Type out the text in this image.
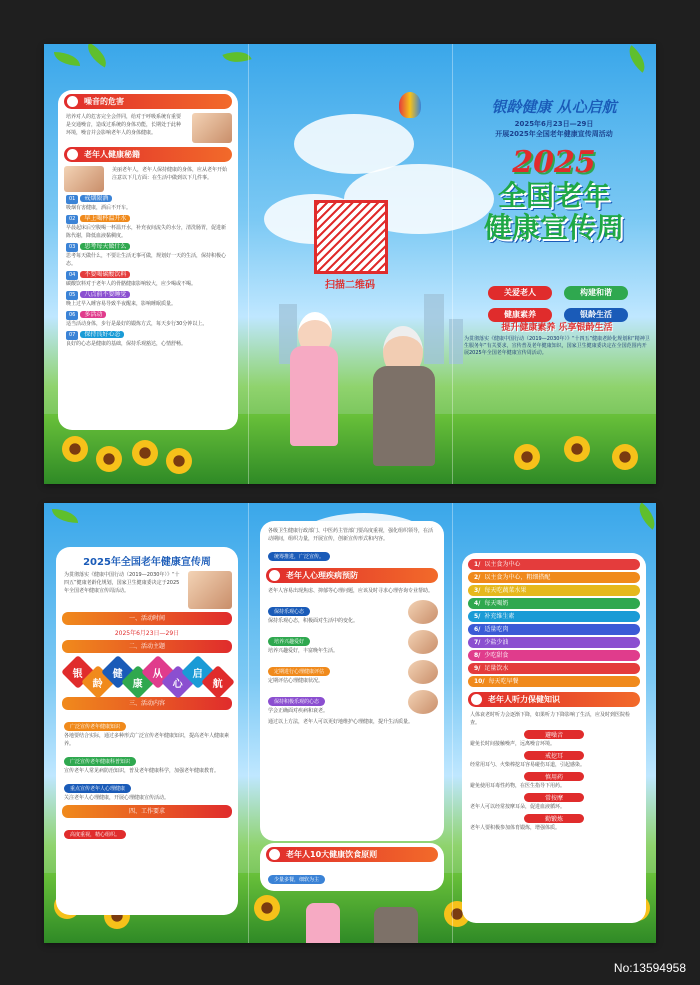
噪音的危害
培养对人的危害完全会伴同，给对于呼吸系统有重要是交通噪音，造成过系统的身体功能，长期处于此种环境，噪音并会影响老年人的身体健康。
老年人健康秘籍
美丽老年人，老年人保持健康的身体，应从老年开始注意以下几方面：在生活中做到以下几件事。
01 戒烟限酒
吸烟有害健康，酒后不开车。
02 早上喝杯温开水
早晨起床后空腹喝一杯温开水，补充夜间流失的水分，清洗肠胃，促进新陈代谢，降低血液黏稠度。
03 思考每天做什么
思考每天做什么，不要让生活无事可做，规划好一天的生活，保持积极心态。
04 不要喝碳酸饮料
碳酸饮料对于老年人的骨骼健康影响较大，应少喝或不喝。
05 八点前不要睡觉
晚上过早入睡容易导致半夜醒来，影响睡眠质量。
06 多活动
适当活动身体，步行是最好的锻炼方式，每天步行30分钟以上。
07 保持良好心态
良好的心态是健康的基础，保持乐观豁达，心情舒畅。
扫描二维码
银龄健康 从心启航
2025年6月23日—29日
开展2025年全国老年健康宣传周活动
2025
全国老年
健康宣传周
关爱老人	构建和谐健康素养	银龄生活
提升健康素养 乐享银龄生活
为贯彻落实《健康中国行动（2019—2030年）》“十四五”健康老龄化规划和“精神卫生服务年”有关要求，宣传普及老年健康知识，国家卫生健康委决定在全国范围内开展2025年全国老年健康宣传周活动。
2025年全国老年健康宣传周
为贯彻落实《健康中国行动（2019—2030年）》“十四五”健康老龄化规划，国家卫生健康委决定于2025年全国老年健康宣传周活动。
一、活动时间
2025年6月23日—29日
二、活动主题
银
龄
健
康
从
心
启
航
三、活动内容
广泛宣传老年健康知识
各地要结合实际，通过多种形式广泛宣传老年健康知识，提高老年人健康素养。
广泛宣传老年健康科普知识
宣传老年人常见病防治知识，普及老年健康科学，加强老年健康教育。
重点宣传老年人心理健康
关注老年人心理健康，开展心理健康宣传活动。
四、工作要求
高度重视，精心组织。
各级卫生健康行政部门、中医药主管部门要高度重视，强化组织领导，在活动期间，组织力量，开展宣传，创新宣传形式和内容。
统筹推进，广泛宣传。
老年人心理疾病预防
老年人容易出现焦虑、抑郁等心理问题，应该及时寻求心理咨询专业帮助。
保持乐观心态
保持乐观心态，积极面对生活中的变化。
培养兴趣爱好
培养兴趣爱好，丰富晚年生活。
定期进行心理健康评估
定期评估心理健康状况。
保持积极乐观的心态
学会正确面对疾病和衰老。
通过以上方法，老年人可以更好地维护心理健康，提升生活质量。
老年人10大健康饮食原则
少量多餐，细软为主
1/ 以主食为中心
2/ 以主食为中心，粗细搭配
3/ 每天吃蔬菜水果
4/ 每天喝奶
5/ 补充维生素
6/ 适量吃肉
7/ 少盐少油
8/ 少吃甜食
9/ 足量饮水
10/ 每天吃早餐
老年人听力保健知识
人体衰老时听力会逐渐下降，如果听力下降影响了生活，应及时到医院检查。
避噪音
避免长时间接触噪声，远离噪音环境。
戒挖耳
经常用耳勺、火柴棒挖耳容易碰伤耳道，引起感染。
慎用药
避免使用耳毒性药物，在医生指导下用药。
常按摩
老年人可以经常按摩耳朵，促进血液循环。
勤锻炼
老年人要积极参加体育锻炼，增强体质。
No:13594958
